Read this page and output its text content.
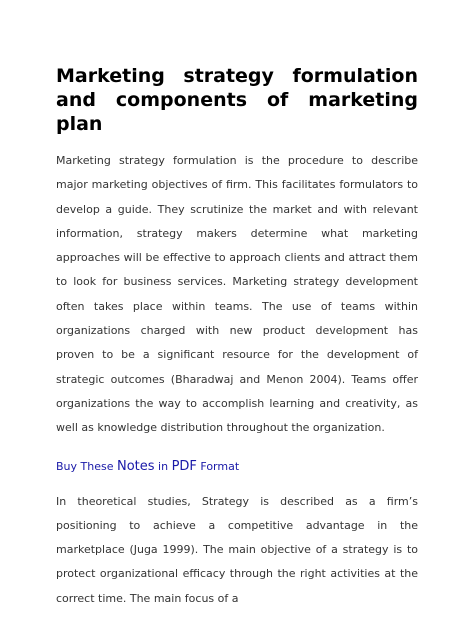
Marketing strategy formulation and components of marketing plan

Marketing strategy formulation is the procedure to describe major marketing objectives of firm. This facilitates formulators to develop a guide. They scrutinize the market and with relevant information, strategy makers determine what marketing approaches will be effective to approach clients and attract them to look for business services. Marketing strategy development often takes place within teams. The use of teams within organizations charged with new product development has proven to be a significant resource for the development of strategic outcomes (Bharadwaj and Menon 2004). Teams offer organizations the way to accomplish learning and creativity, as well as knowledge distribution throughout the organization.

Buy These Notes in PDF Format

In theoretical studies, Strategy is described as a firm’s positioning to achieve a competitive advantage in the marketplace (Juga 1999). The main objective of a strategy is to protect organizational efficacy through the right activities at the correct time. The main focus of a
